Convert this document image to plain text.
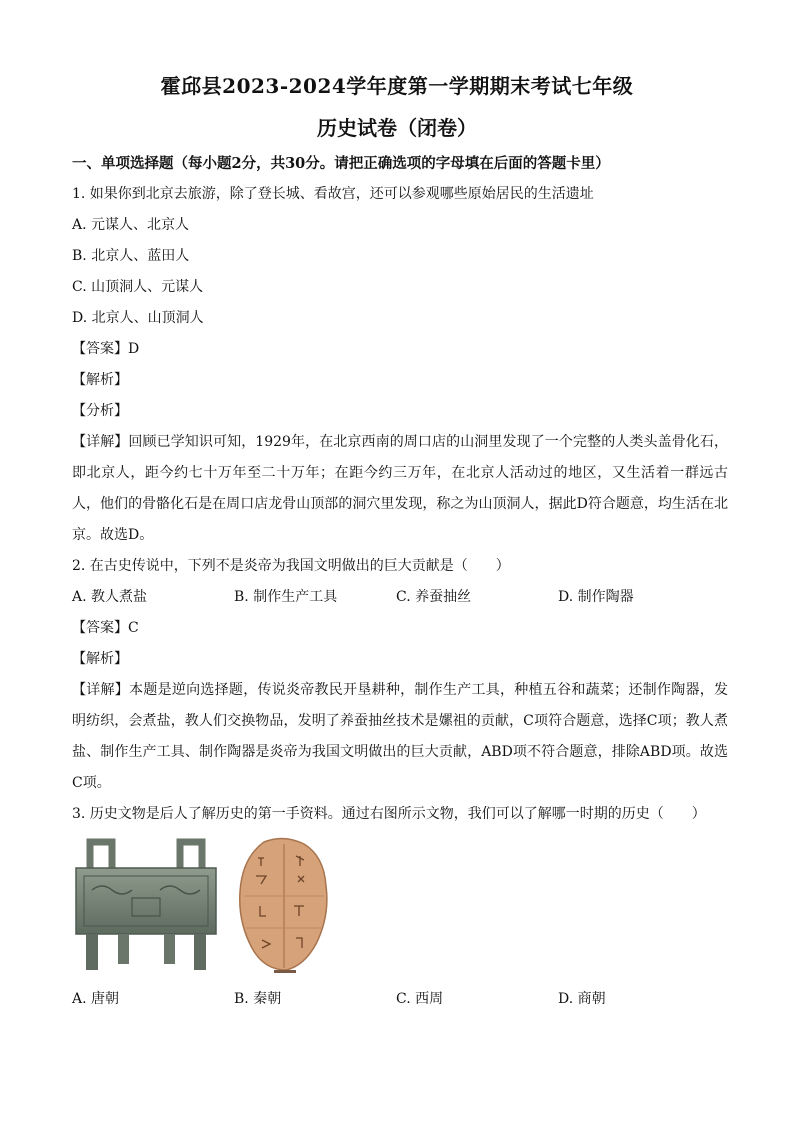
霍邱县2023-2024学年度第一学期期末考试七年级
历史试卷（闭卷）
一、单项选择题（每小题2分，共30分。请把正确选项的字母填在后面的答题卡里）
1. 如果你到北京去旅游，除了登长城、看故宫，还可以参观哪些原始居民的生活遗址
A. 元谋人、北京人
B. 北京人、蓝田人
C. 山顶洞人、元谋人
D. 北京人、山顶洞人
【答案】D
【解析】
【分析】
【详解】回顾已学知识可知，1929年，在北京西南的周口店的山洞里发现了一个完整的人类头盖骨化石，即北京人，距今约七十万年至二十万年；在距今约三万年，在北京人活动过的地区，又生活着一群远古人，他们的骨骼化石是在周口店龙骨山顶部的洞穴里发现，称之为山顶洞人，据此D符合题意，均生活在北京。故选D。
2. 在古史传说中，下列不是炎帝为我国文明做出的巨大贡献是（　　）
A. 教人煮盐	B. 制作生产工具	C. 养蚕抽丝	D. 制作陶器
【答案】C
【解析】
【详解】本题是逆向选择题，传说炎帝教民开垦耕种，制作生产工具，种植五谷和蔬菜；还制作陶器，发明纺织，会煮盐，教人们交换物品，发明了养蚕抽丝技术是嫘祖的贡献，C项符合题意，选择C项；教人煮盐、制作生产工具、制作陶器是炎帝为我国文明做出的巨大贡献，ABD项不符合题意，排除ABD项。故选C项。
3. 历史文物是后人了解历史的第一手资料。通过右图所示文物，我们可以了解哪一时期的历史（　　）
A. 唐朝	B. 秦朝	C. 西周	D. 商朝
